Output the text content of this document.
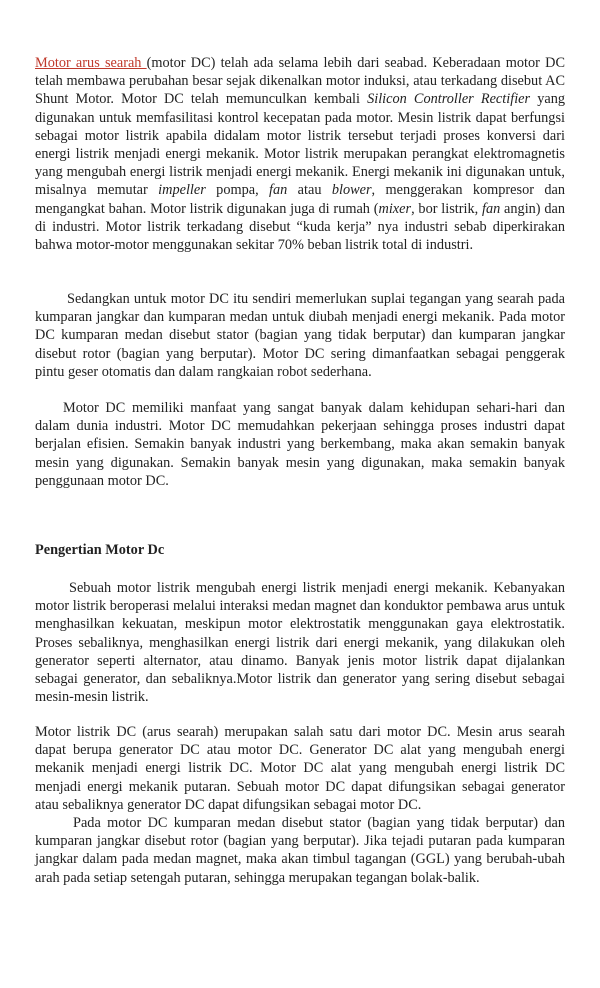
Motor arus searah (motor DC) telah ada selama lebih dari seabad. Keberadaan motor DC telah membawa perubahan besar sejak dikenalkan motor induksi, atau terkadang disebut AC Shunt Motor. Motor DC telah memunculkan kembali Silicon Controller Rectifier yang digunakan untuk memfasilitasi kontrol kecepatan pada motor. Mesin listrik dapat berfungsi sebagai motor listrik apabila didalam motor listrik tersebut terjadi proses konversi dari energi listrik menjadi energi mekanik. Motor listrik merupakan perangkat elektromagnetis yang mengubah energi listrik menjadi energi mekanik. Energi mekanik ini digunakan untuk, misalnya memutar impeller pompa, fan atau blower, menggerakan kompresor dan mengangkat bahan. Motor listrik digunakan juga di rumah (mixer, bor listrik, fan angin) dan di industri. Motor listrik terkadang disebut “kuda kerja” nya industri sebab diperkirakan bahwa motor-motor menggunakan sekitar 70% beban listrik total di industri.

Sedangkan untuk motor DC itu sendiri memerlukan suplai tegangan yang searah pada kumparan jangkar dan kumparan medan untuk diubah menjadi energi mekanik. Pada motor DC kumparan medan disebut stator (bagian yang tidak berputar) dan kumparan jangkar disebut rotor (bagian yang berputar). Motor DC sering dimanfaatkan sebagai penggerak pintu geser otomatis dan dalam rangkaian robot sederhana.

Motor DC memiliki manfaat yang sangat banyak dalam kehidupan sehari-hari dan dalam dunia industri. Motor DC memudahkan pekerjaan sehingga proses industri dapat berjalan efisien. Semakin banyak industri yang berkembang, maka akan semakin banyak mesin yang digunakan. Semakin banyak mesin yang digunakan, maka semakin banyak penggunaan motor DC.

Pengertian Motor Dc

Sebuah motor listrik mengubah energi listrik menjadi energi mekanik. Kebanyakan motor listrik beroperasi melalui interaksi medan magnet dan konduktor pembawa arus untuk menghasilkan kekuatan, meskipun motor elektrostatik menggunakan gaya elektrostatik. Proses sebaliknya, menghasilkan energi listrik dari energi mekanik, yang dilakukan oleh generator seperti alternator, atau dinamo. Banyak jenis motor listrik dapat dijalankan sebagai generator, dan sebaliknya.Motor listrik dan generator yang sering disebut sebagai mesin-mesin listrik.

Motor listrik DC (arus searah) merupakan salah satu dari motor DC. Mesin arus searah dapat berupa generator DC atau motor DC. Generator DC alat yang mengubah energi mekanik menjadi energi listrik DC. Motor DC alat yang mengubah energi listrik DC menjadi energi mekanik putaran. Sebuah motor DC dapat difungsikan sebagai generator atau sebaliknya generator DC dapat difungsikan sebagai motor DC.

Pada motor DC kumparan medan disebut stator (bagian yang tidak berputar) dan kumparan jangkar disebut rotor (bagian yang berputar). Jika tejadi putaran pada kumparan jangkar dalam pada medan magnet, maka akan timbul tagangan (GGL) yang berubah-ubah arah pada setiap setengah putaran, sehingga merupakan tegangan bolak-balik.
